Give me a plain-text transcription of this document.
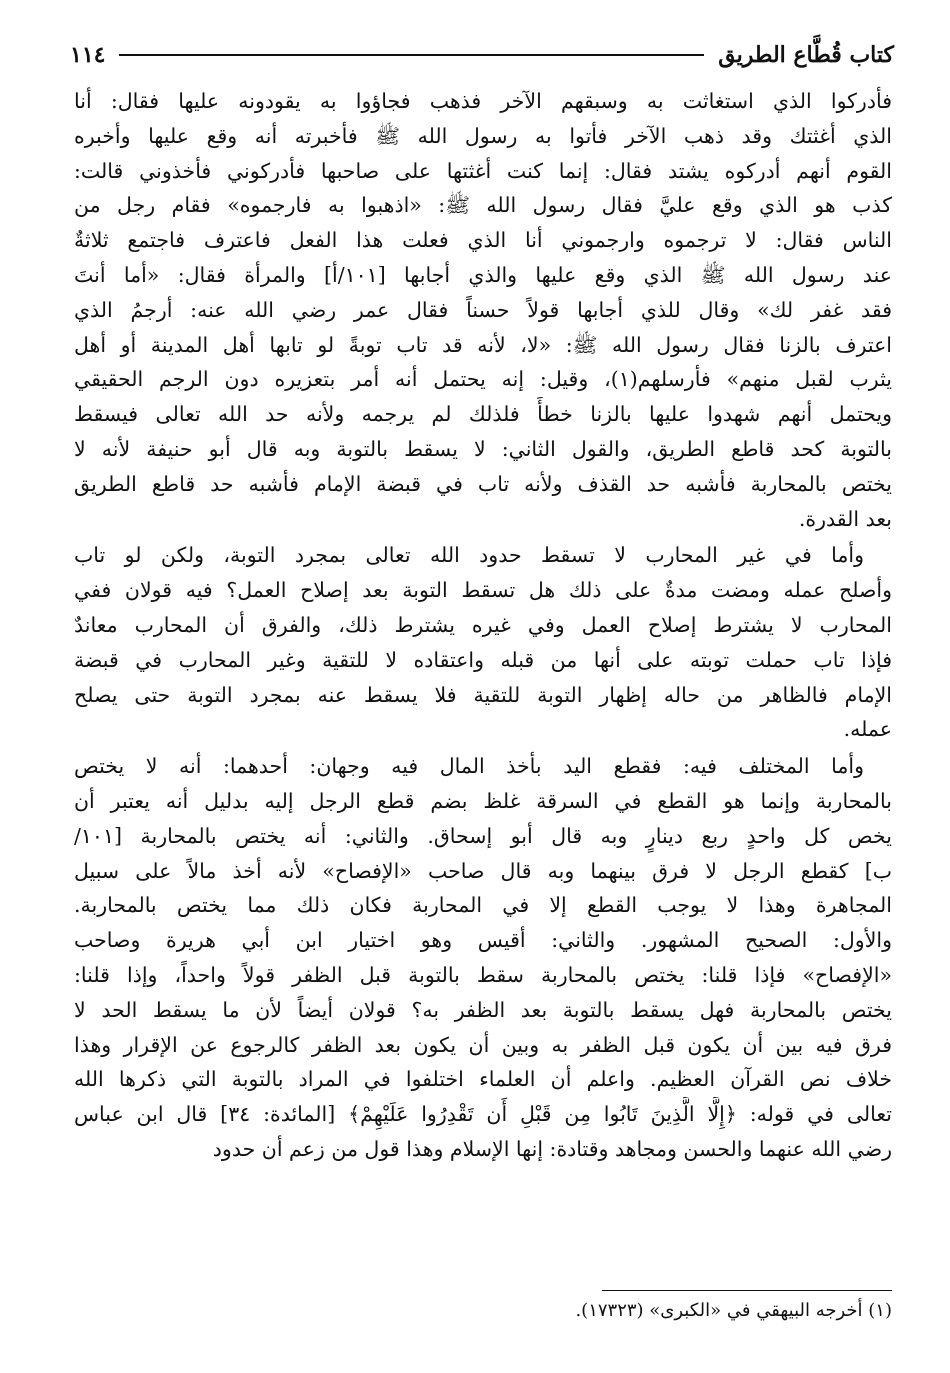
كتاب قُطَّاع الطريق
١١٤
فأدركوا الذي استغاثت به وسبقهم الآخر فذهب فجاؤوا به يقودونه عليها فقال: أنا
الذي أغثتك وقد ذهب الآخر فأتوا به رسول الله ﷺ فأخبرته أنه وقع عليها وأخبره
القوم أنهم أدركوه يشتد فقال: إنما كنت أغثتها على صاحبها فأدركوني فأخذوني قالت:
كذب هو الذي وقع عليَّ فقال رسول الله ﷺ: «اذهبوا به فارجموه» فقام رجل من
الناس فقال: لا ترجموه وارجموني أنا الذي فعلت هذا الفعل فاعترف فاجتمع ثلاثةٌ
عند رسول الله ﷺ الذي وقع عليها والذي أجابها [١٠١/أ] والمرأة فقال: «أما أنتَ
فقد غفر لك» وقال للذي أجابها قولاً حسناً فقال عمر رضي الله عنه: أرجمُ الذي
اعترف بالزنا فقال رسول الله ﷺ: «لا، لأنه قد تاب توبةً لو تابها أهل المدينة أو أهل
يثرب لقبل منهم» فأرسلهم(١)، وقيل: إنه يحتمل أنه أمر بتعزيره دون الرجم الحقيقي
ويحتمل أنهم شهدوا عليها بالزنا خطأً فلذلك لم يرجمه ولأنه حد الله تعالى فيسقط
بالتوبة كحد قاطع الطريق، والقول الثاني: لا يسقط بالتوبة وبه قال أبو حنيفة لأنه لا
يختص بالمحاربة فأشبه حد القذف ولأنه تاب في قبضة الإمام فأشبه حد قاطع الطريق
بعد القدرة.
وأما في غير المحارب لا تسقط حدود الله تعالى بمجرد التوبة، ولكن لو تاب
وأصلح عمله ومضت مدةٌ على ذلك هل تسقط التوبة بعد إصلاح العمل؟ فيه قولان ففي
المحارب لا يشترط إصلاح العمل وفي غيره يشترط ذلك، والفرق أن المحارب معاندٌ
فإذا تاب حملت توبته على أنها من قبله واعتقاده لا للتقية وغير المحارب في قبضة
الإمام فالظاهر من حاله إظهار التوبة للتقية فلا يسقط عنه بمجرد التوبة حتى يصلح
عمله.
وأما المختلف فيه: فقطع اليد بأخذ المال فيه وجهان: أحدهما: أنه لا يختص
بالمحاربة وإنما هو القطع في السرقة غلظ بضم قطع الرجل إليه بدليل أنه يعتبر أن
يخص كل واحدٍ ربع دينارٍ وبه قال أبو إسحاق. والثاني: أنه يختص بالمحاربة [١٠١/
ب] كقطع الرجل لا فرق بينهما وبه قال صاحب «الإفصاح» لأنه أخذ مالاً على سبيل
المجاهرة وهذا لا يوجب القطع إلا في المحاربة فكان ذلك مما يختص بالمحاربة.
والأول: الصحيح المشهور. والثاني: أقيس وهو اختيار ابن أبي هريرة وصاحب
«الإفصاح» فإذا قلنا: يختص بالمحاربة سقط بالتوبة قبل الظفر قولاً واحداً، وإذا قلنا:
يختص بالمحاربة فهل يسقط بالتوبة بعد الظفر به؟ قولان أيضاً لأن ما يسقط الحد لا
فرق فيه بين أن يكون قبل الظفر به وبين أن يكون بعد الظفر كالرجوع عن الإقرار وهذا
خلاف نص القرآن العظيم. واعلم أن العلماء اختلفوا في المراد بالتوبة التي ذكرها الله
تعالى في قوله: ﴿إِلَّا الَّذِينَ تَابُوا مِن قَبْلِ أَن تَقْدِرُوا عَلَيْهِمْ﴾ [المائدة: ٣٤] قال ابن عباس
رضي الله عنهما والحسن ومجاهد وقتادة: إنها الإسلام وهذا قول من زعم أن حدود
(١) أخرجه البيهقي في «الكبرى» (١٧٣٢٣).
